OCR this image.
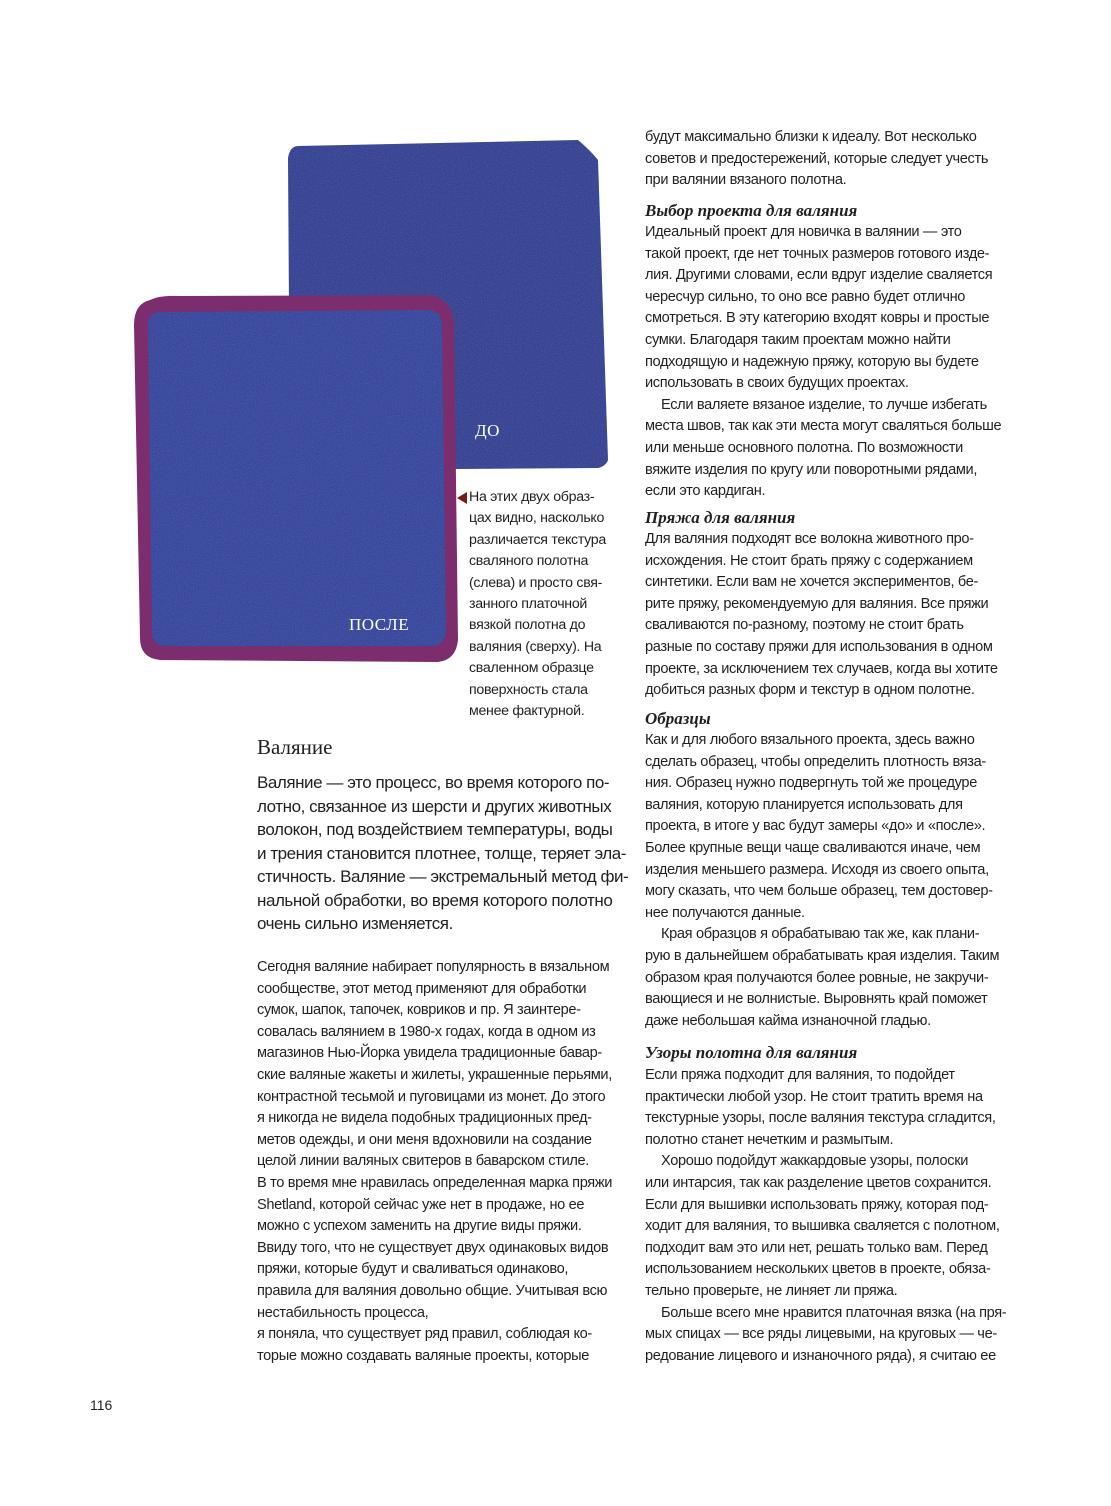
ДО
ПОСЛЕ
На этих двух образ-
цах видно, насколько
различается текстура
сваляного полотна
(слева) и просто свя-
занного платочной
вязкой полотна до
валяния (сверху). На
сваленном образце
поверхность стала
менее фактурной.
Валяние
Валяние — это процесс, во время которого по-
лотно, связанное из шерсти и других животных
волокон, под воздействием температуры, воды
и трения становится плотнее, толще, теряет эла-
стичность. Валяние — экстремальный метод фи-
нальной обработки, во время которого полотно
очень сильно изменяется.
Сегодня валяние набирает популярность в вязальном
сообществе, этот метод применяют для обработки
сумок, шапок, тапочек, ковриков и пр. Я заинтере-
совалась валянием в 1980-х годах, когда в одном из
магазинов Нью-Йорка увидела традиционные бавар-
ские валяные жакеты и жилеты, украшенные перьями,
контрастной тесьмой и пуговицами из монет. До этого
я никогда не видела подобных традиционных пред-
метов одежды, и они меня вдохновили на создание
целой линии валяных свитеров в баварском стиле.
В то время мне нравилась определенная марка пряжи
Shetland, которой сейчас уже нет в продаже, но ее
можно с успехом заменить на другие виды пряжи.
Ввиду того, что не существует двух одинаковых видов
пряжи, которые будут и сваливаться одинаково,
правила для валяния довольно общие. Учитывая всю
нестабильность процесса,
я поняла, что существует ряд правил, соблюдая ко-
торые можно создавать валяные проекты, которые
будут максимально близки к идеалу. Вот несколько
советов и предостережений, которые следует учесть
при валянии вязаного полотна.
Выбор проекта для валяния
Идеальный проект для новичка в валянии — это
такой проект, где нет точных размеров готового изде-
лия. Другими словами, если вдруг изделие сваляется
чересчур сильно, то оно все равно будет отлично
смотреться. В эту категорию входят ковры и простые
сумки. Благодаря таким проектам можно найти
подходящую и надежную пряжу, которую вы будете
использовать в своих будущих проектах.
Если валяете вязаное изделие, то лучше избегать
места швов, так как эти места могут сваляться больше
или меньше основного полотна. По возможности
вяжите изделия по кругу или поворотными рядами,
если это кардиган.
Пряжа для валяния
Для валяния подходят все волокна животного про-
исхождения. Не стоит брать пряжу с содержанием
синтетики. Если вам не хочется экспериментов, бе-
рите пряжу, рекомендуемую для валяния. Все пряжи
сваливаются по-разному, поэтому не стоит брать
разные по составу пряжи для использования в одном
проекте, за исключением тех случаев, когда вы хотите
добиться разных форм и текстур в одном полотне.
Образцы
Как и для любого вязального проекта, здесь важно
сделать образец, чтобы определить плотность вяза-
ния. Образец нужно подвергнуть той же процедуре
валяния, которую планируется использовать для
проекта, в итоге у вас будут замеры «до» и «после».
Более крупные вещи чаще сваливаются иначе, чем
изделия меньшего размера. Исходя из своего опыта,
могу сказать, что чем больше образец, тем достовер-
нее получаются данные.
Края образцов я обрабатываю так же, как плани-
рую в дальнейшем обрабатывать края изделия. Таким
образом края получаются более ровные, не закручи-
вающиеся и не волнистые. Выровнять край поможет
даже небольшая кайма изнаночной гладью.
Узоры полотна для валяния
Если пряжа подходит для валяния, то подойдет
практически любой узор. Не стоит тратить время на
текстурные узоры, после валяния текстура сгладится,
полотно станет нечетким и размытым.
Хорошо подойдут жаккардовые узоры, полоски
или интарсия, так как разделение цветов сохранится.
Если для вышивки использовать пряжу, которая под-
ходит для валяния, то вышивка сваляется с полотном,
подходит вам это или нет, решать только вам. Перед
использованием нескольких цветов в проекте, обяза-
тельно проверьте, не линяет ли пряжа.
Больше всего мне нравится платочная вязка (на пря-
мых спицах — все ряды лицевыми, на круговых — че-
редование лицевого и изнаночного ряда), я считаю ее
116
